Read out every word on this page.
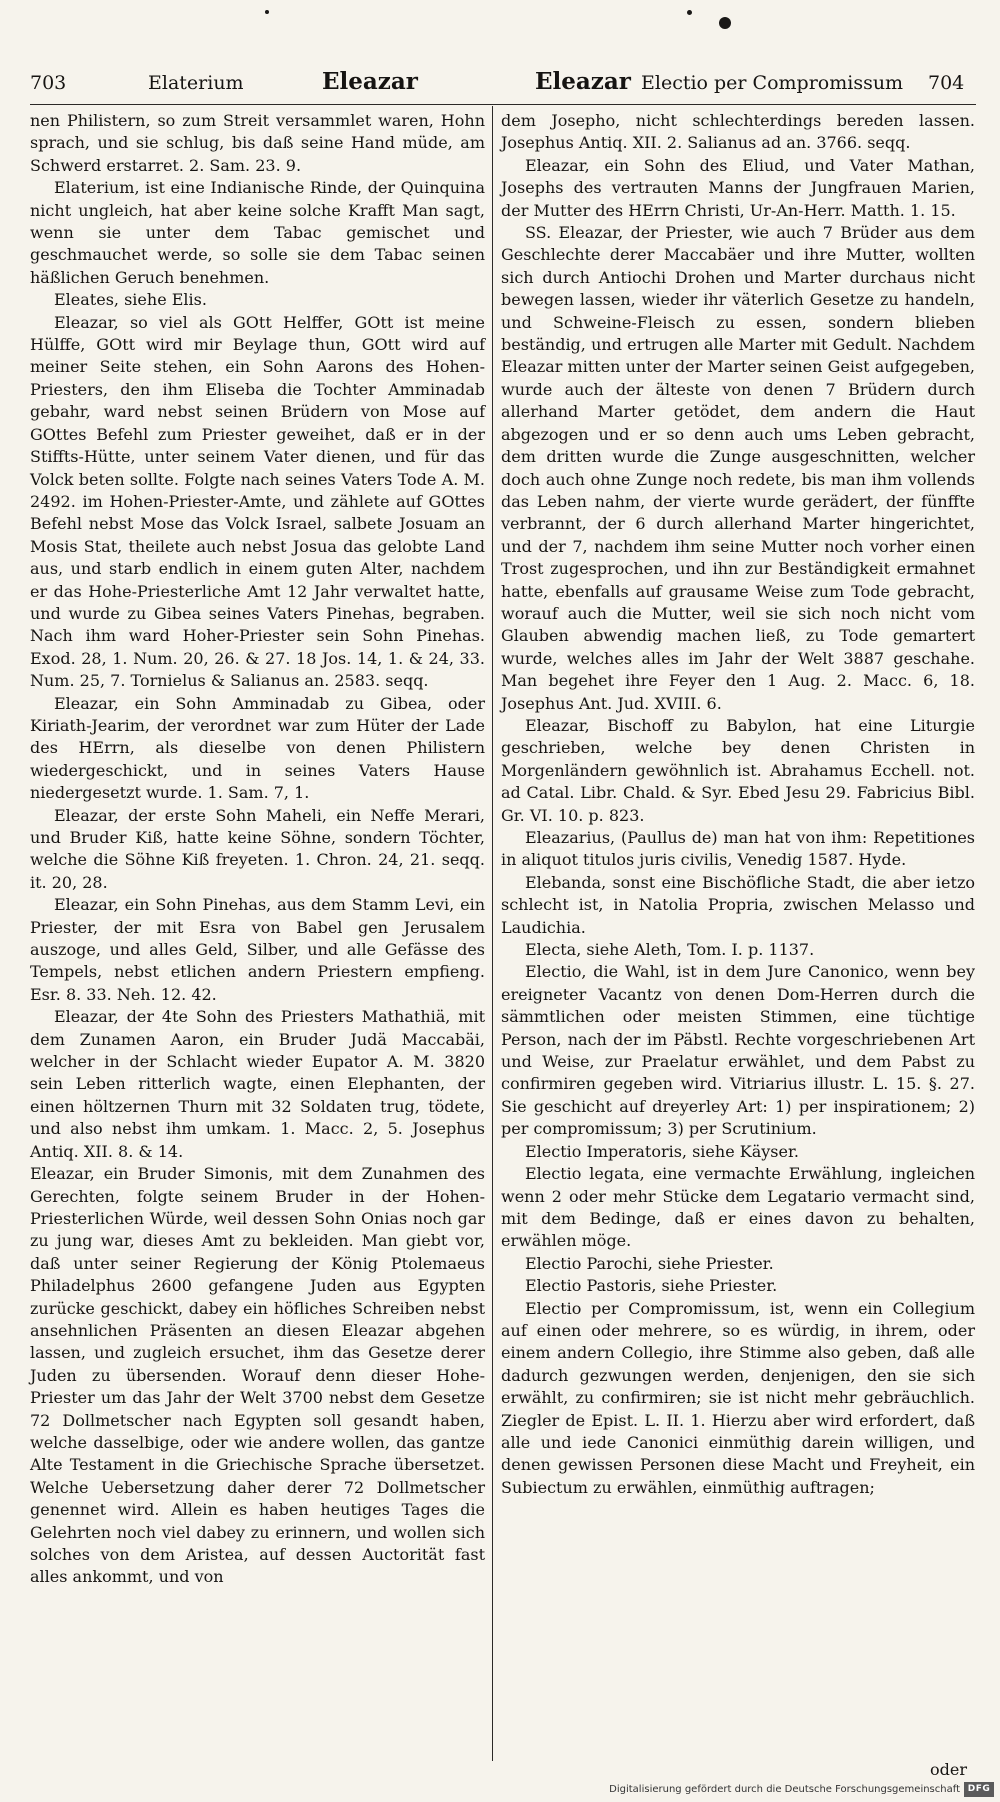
703	Elaterium	Eleazar	Eleazar Electio per Compromissum 704

nen Philistern, so zum Streit versammlet waren, Hohn sprach, und sie schlug, bis daß seine Hand müde, am Schwerd erstarret. 2. Sam. 23. 9.

Elaterium, ist eine Indianische Rinde, der Quinquina nicht ungleich, hat aber keine solche Krafft Man sagt, wenn sie unter dem Tabac gemischet und geschmauchet werde, so solle sie dem Tabac seinen häßlichen Geruch benehmen.

Eleates, siehe Elis.

Eleazar, so viel als GOtt Helffer, GOtt ist meine Hülffe, GOtt wird mir Beylage thun, GOtt wird auf meiner Seite stehen, ein Sohn Aarons des Hohen-Priesters, den ihm Eliseba die Tochter Amminadab gebahr, ward nebst seinen Brüdern von Mose auf GOttes Befehl zum Priester geweihet, daß er in der Stiffts-Hütte, unter seinem Vater dienen, und für das Volck beten sollte. Folgte nach seines Vaters Tode A. M. 2492. im Hohen-Priester-Amte, und zählete auf GOttes Befehl nebst Mose das Volck Israel, salbete Josuam an Mosis Stat, theilete auch nebst Josua das gelobte Land aus, und starb endlich in einem guten Alter, nachdem er das Hohe-Priesterliche Amt 12 Jahr verwaltet hatte, und wurde zu Gibea seines Vaters Pinehas, begraben. Nach ihm ward Hoher-Priester sein Sohn Pinehas. Exod. 28, 1. Num. 20, 26. & 27. 18 Jos. 14, 1. & 24, 33. Num. 25, 7. Tornielus & Salianus an. 2583. seqq.

Eleazar, ein Sohn Amminadab zu Gibea, oder Kiriath-Jearim, der verordnet war zum Hüter der Lade des HErrn, als dieselbe von denen Philistern wiedergeschickt, und in seines Vaters Hause niedergesetzt wurde. 1. Sam. 7, 1.

Eleazar, der erste Sohn Maheli, ein Neffe Merari, und Bruder Kiß, hatte keine Söhne, sondern Töchter, welche die Söhne Kiß freyeten. 1. Chron. 24, 21. seqq. it. 20, 28.

Eleazar, ein Sohn Pinehas, aus dem Stamm Levi, ein Priester, der mit Esra von Babel gen Jerusalem auszoge, und alles Geld, Silber, und alle Gefässe des Tempels, nebst etlichen andern Priestern empfieng. Esr. 8. 33. Neh. 12. 42.

Eleazar, der 4te Sohn des Priesters Mathathiä, mit dem Zunamen Aaron, ein Bruder Judä Maccabäi, welcher in der Schlacht wieder Eupator A. M. 3820 sein Leben ritterlich wagte, einen Elephanten, der einen höltzernen Thurn mit 32 Soldaten trug, tödete, und also nebst ihm umkam. 1. Macc. 2, 5. Josephus Antiq. XII. 8. & 14.

Eleazar, ein Bruder Simonis, mit dem Zunahmen des Gerechten, folgte seinem Bruder in der Hohen-Priesterlichen Würde, weil dessen Sohn Onias noch gar zu jung war, dieses Amt zu bekleiden. Man giebt vor, daß unter seiner Regierung der König Ptolemaeus Philadelphus 2600 gefangene Juden aus Egypten zurücke geschickt, dabey ein höfliches Schreiben nebst ansehnlichen Präsenten an diesen Eleazar abgehen lassen, und zugleich ersuchet, ihm das Gesetze derer Juden zu übersenden. Worauf denn dieser Hohe-Priester um das Jahr der Welt 3700 nebst dem Gesetze 72 Dollmetscher nach Egypten soll gesandt haben, welche dasselbige, oder wie andere wollen, das gantze Alte Testament in die Griechische Sprache übersetzet. Welche Uebersetzung daher derer 72 Dollmetscher genennet wird. Allein es haben heutiges Tages die Gelehrten noch viel dabey zu erinnern, und wollen sich solches von dem Aristea, auf dessen Auctorität fast alles ankommt, und von

dem Josepho, nicht schlechterdings bereden lassen. Josephus Antiq. XII. 2. Salianus ad an. 3766. seqq.

Eleazar, ein Sohn des Eliud, und Vater Mathan, Josephs des vertrauten Manns der Jungfrauen Marien, der Mutter des HErrn Christi, Ur-An-Herr. Matth. 1. 15.

SS. Eleazar, der Priester, wie auch 7 Brüder aus dem Geschlechte derer Maccabäer und ihre Mutter, wollten sich durch Antiochi Drohen und Marter durchaus nicht bewegen lassen, wieder ihr väterlich Gesetze zu handeln, und Schweine-Fleisch zu essen, sondern blieben beständig, und ertrugen alle Marter mit Gedult. Nachdem Eleazar mitten unter der Marter seinen Geist aufgegeben, wurde auch der älteste von denen 7 Brüdern durch allerhand Marter getödet, dem andern die Haut abgezogen und er so denn auch ums Leben gebracht, dem dritten wurde die Zunge ausgeschnitten, welcher doch auch ohne Zunge noch redete, bis man ihm vollends das Leben nahm, der vierte wurde gerädert, der fünffte verbrannt, der 6 durch allerhand Marter hingerichtet, und der 7, nachdem ihm seine Mutter noch vorher einen Trost zugesprochen, und ihn zur Beständigkeit ermahnet hatte, ebenfalls auf grausame Weise zum Tode gebracht, worauf auch die Mutter, weil sie sich noch nicht vom Glauben abwendig machen ließ, zu Tode gemartert wurde, welches alles im Jahr der Welt 3887 geschahe. Man begehet ihre Feyer den 1 Aug. 2. Macc. 6, 18. Josephus Ant. Jud. XVIII. 6.

Eleazar, Bischoff zu Babylon, hat eine Liturgie geschrieben, welche bey denen Christen in Morgenländern gewöhnlich ist. Abrahamus Ecchell. not. ad Catal. Libr. Chald. & Syr. Ebed Jesu 29. Fabricius Bibl. Gr. VI. 10. p. 823.

Eleazarius, (Paullus de) man hat von ihm: Repetitiones in aliquot titulos juris civilis, Venedig 1587. Hyde.

Elebanda, sonst eine Bischöfliche Stadt, die aber ietzo schlecht ist, in Natolia Propria, zwischen Melasso und Laudichia.

Electa, siehe Aleth, Tom. I. p. 1137.

Electio, die Wahl, ist in dem Jure Canonico, wenn bey ereigneter Vacantz von denen Dom-Herren durch die sämmtlichen oder meisten Stimmen, eine tüchtige Person, nach der im Päbstl. Rechte vorgeschriebenen Art und Weise, zur Praelatur erwählet, und dem Pabst zu confirmiren gegeben wird. Vitriarius illustr. L. 15. §. 27. Sie geschicht auf dreyerley Art: 1) per inspirationem; 2) per compromissum; 3) per Scrutinium.

Electio Imperatoris, siehe Käyser.

Electio legata, eine vermachte Erwählung, ingleichen wenn 2 oder mehr Stücke dem Legatario vermacht sind, mit dem Bedinge, daß er eines davon zu behalten, erwählen möge.

Electio Parochi, siehe Priester.

Electio Pastoris, siehe Priester.

Electio per Compromissum, ist, wenn ein Collegium auf einen oder mehrere, so es würdig, in ihrem, oder einem andern Collegio, ihre Stimme also geben, daß alle dadurch gezwungen werden, denjenigen, den sie sich erwählt, zu confirmiren; sie ist nicht mehr gebräuchlich. Ziegler de Epist. L. II. 1. Hierzu aber wird erfordert, daß alle und iede Canonici einmüthig darein willigen, und denen gewissen Personen diese Macht und Freyheit, ein Subiectum zu erwählen, einmüthig auftragen;

oder
Digitalisierung gefördert durch die Deutsche Forschungsgemeinschaft DFG
